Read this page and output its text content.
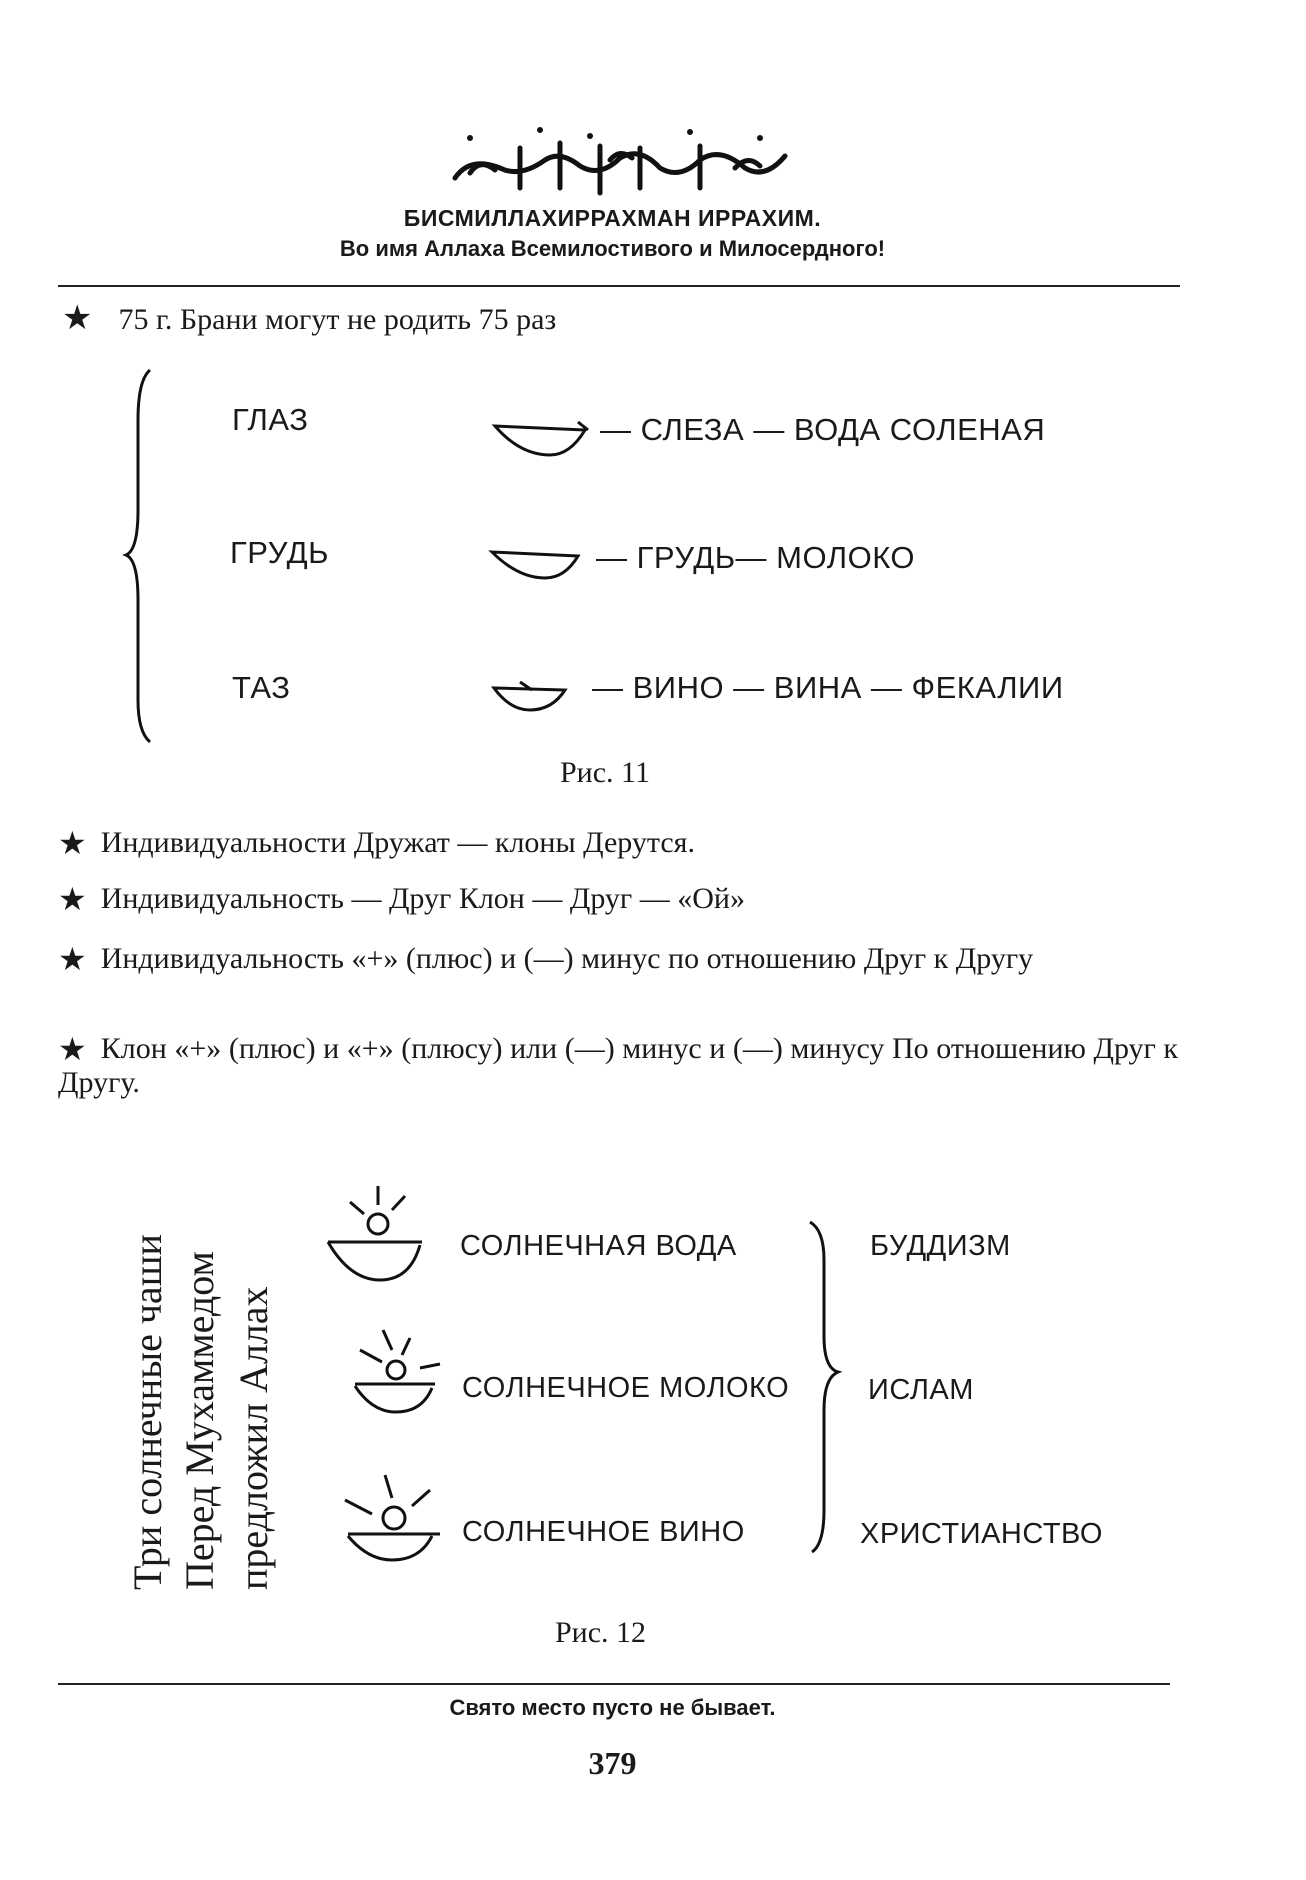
БИСМИЛЛАХИРРАХМАН ИРРАХИМ.
Во имя Аллаха Всемилостивого и Милосердного!
★ 75 г. Брани могут не родить 75 раз
ГЛАЗ	— СЛЕЗА — ВОДА СОЛЕНАЯ
ГРУДЬ	— ГРУДЬ— МОЛОКО
ТАЗ	— ВИНО — ВИНА — ФЕКАЛИИ
Рис. 11
★ Индивидуальности Дружат — клоны Дерутся.
★ Индивидуальность — Друг Клон — Друг — «Ой»
★ Индивидуальность «+» (плюс) и (—) минус по отношению Друг к Другу
★ Клон «+» (плюс) и «+» (плюсу) или (—) минус и (—) минусу По отношению Друг к Другу.
Три солнечные чаши Перед Мухаммедом предложил Аллах
СОЛНЕЧНАЯ ВОДА	БУДДИЗМ
СОЛНЕЧНОЕ МОЛОКО	ИСЛАМ
СОЛНЕЧНОЕ ВИНО	ХРИСТИАНСТВО
Рис. 12
Свято место пусто не бывает.
379
